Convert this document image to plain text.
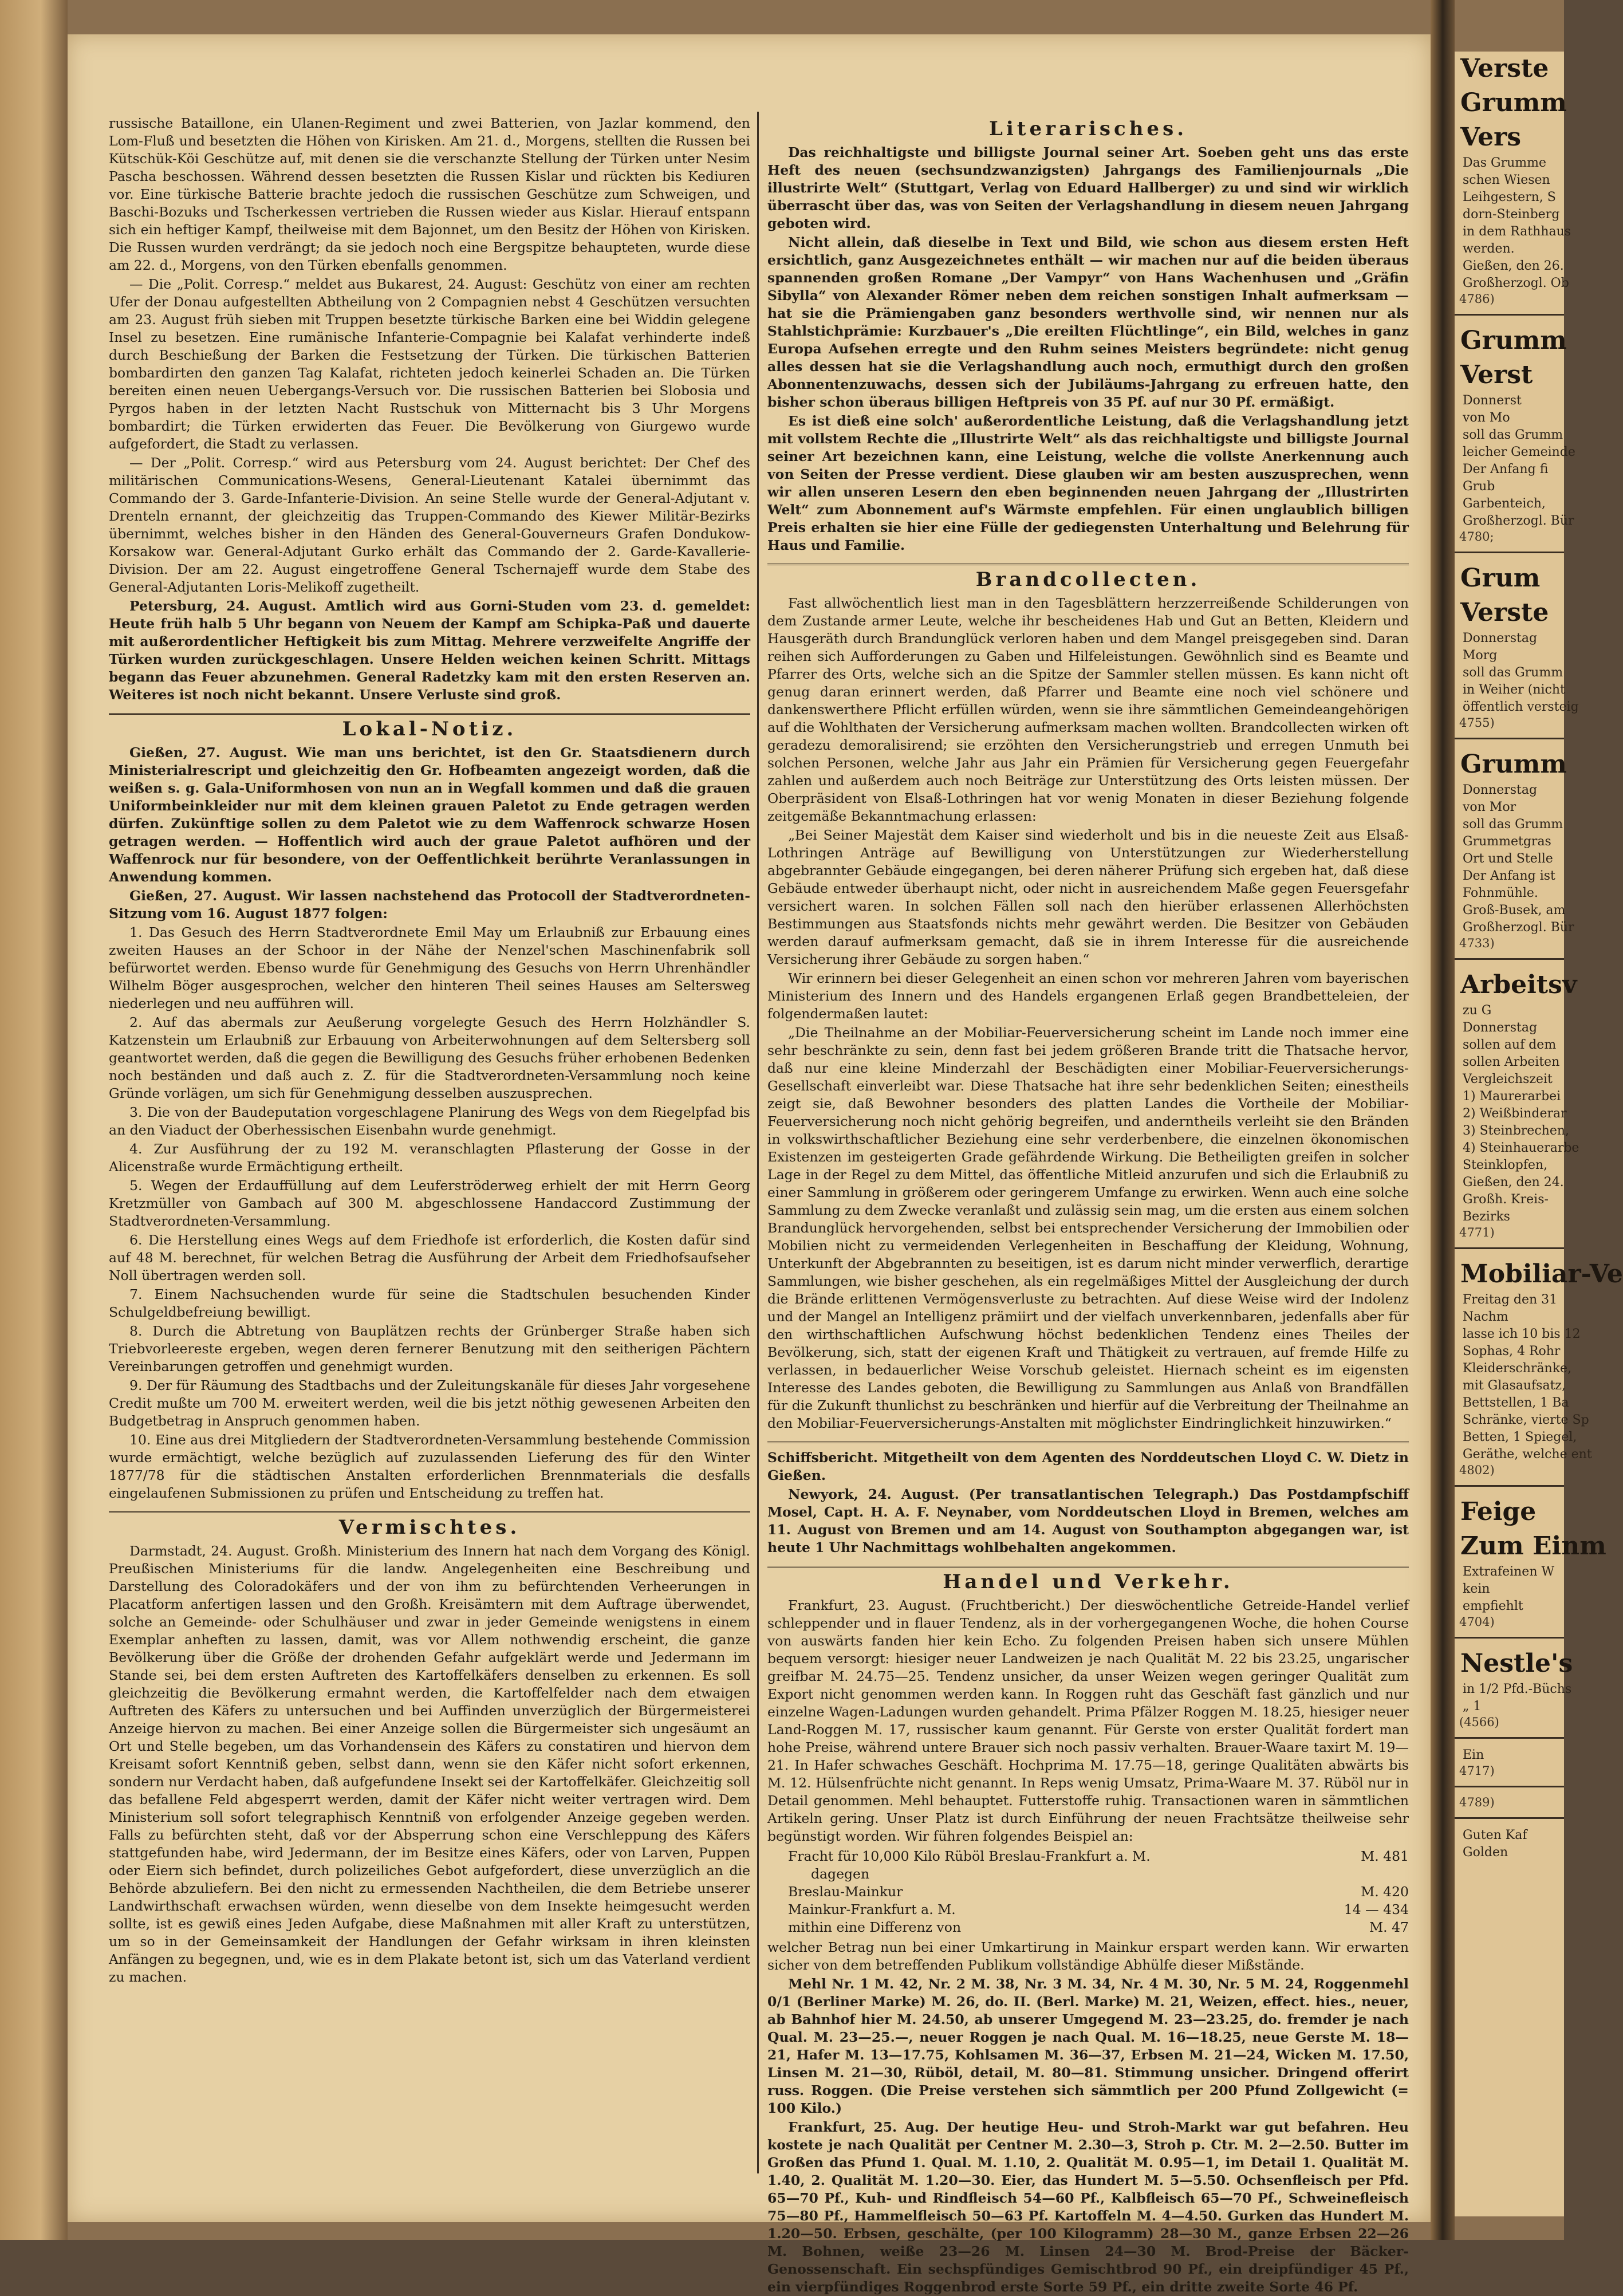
Verste
Grumm
Vers
Das Grumme
schen Wiesen
Leihgestern, S
dorn-Steinberg
in dem Rathhaus
werden.
Gießen, den 26.
Großherzogl. Ob
4786)
Grumm
Verst
Donnerst
von Mo
soll das Grumm
leicher Gemeinde
Der Anfang fi
Grub
Garbenteich,
Großherzogl. Bür
4780;
Grum
Verste
Donnerstag
Morg
soll das Grumm
in Weiher (nicht
öffentlich versteig
4755)
Grumm
Donnerstag
von Mor
soll das Grumm
Grummetgras
Ort und Stelle
Der Anfang ist
Fohnmühle.
Groß-Busek, am
Großherzogl. Bür
4733)
Arbeitsv
zu G
Donnerstag
sollen auf dem
sollen Arbeiten
Vergleichszeit
1) Maurerarbei
2) Weißbinderar
3) Steinbrechen,
4) Steinhauerarbe
Steinklopfen,
Gießen, den 24.
Großh. Kreis-
Bezirks
4771)
Mobiliar-Ve
Freitag den 31
Nachm
lasse ich 10 bis 12
Sophas, 4 Rohr
Kleiderschränke,
mit Glasaufsatz,
Bettstellen, 1 Ba
Schränke, vierte Sp
Betten, 1 Spiegel,
Geräthe, welche ent
4802)
Feige
Zum Einm
Extrafeinen W
kein
empfiehlt
4704)
Nestle's
in 1/2 Pfd.-Büchs
„ 1
(4566)
Ein
4717)
4789)
Guten Kaf
Golden

russische Bataillone, ein Ulanen-Regiment und zwei Batterien, von Jazlar kommend, den Lom-Fluß und besetzten die Höhen von Kirisken. Am 21. d., Morgens, stellten die Russen bei Kütschük-Köi Geschütze auf, mit denen sie die verschanzte Stellung der Türken unter Nesim Pascha beschossen. Während dessen besetzten die Russen Kislar und rückten bis Kediuren vor. Eine türkische Batterie brachte jedoch die russischen Geschütze zum Schweigen, und Baschi-Bozuks und Tscherkessen vertrieben die Russen wieder aus Kislar. Hierauf entspann sich ein heftiger Kampf, theilweise mit dem Bajonnet, um den Besitz der Höhen von Kirisken. Die Russen wurden verdrängt; da sie jedoch noch eine Bergspitze behaupteten, wurde diese am 22. d., Morgens, von den Türken ebenfalls genommen.

— Die „Polit. Corresp.“ meldet aus Bukarest, 24. August: Geschütz von einer am rechten Ufer der Donau aufgestellten Abtheilung von 2 Compagnien nebst 4 Geschützen versuchten am 23. August früh sieben mit Truppen besetzte türkische Barken eine bei Widdin gelegene Insel zu besetzen. Eine rumänische Infanterie-Compagnie bei Kalafat verhinderte indeß durch Beschießung der Barken die Festsetzung der Türken. Die türkischen Batterien bombardirten den ganzen Tag Kalafat, richteten jedoch keinerlei Schaden an. Die Türken bereiten einen neuen Uebergangs-Versuch vor. Die russischen Batterien bei Slobosia und Pyrgos haben in der letzten Nacht Rustschuk von Mitternacht bis 3 Uhr Morgens bombardirt; die Türken erwiderten das Feuer. Die Bevölkerung von Giurgewo wurde aufgefordert, die Stadt zu verlassen.

— Der „Polit. Corresp.“ wird aus Petersburg vom 24. August berichtet: Der Chef des militärischen Communications-Wesens, General-Lieutenant Katalei übernimmt das Commando der 3. Garde-Infanterie-Division. An seine Stelle wurde der General-Adjutant v. Drenteln ernannt, der gleichzeitig das Truppen-Commando des Kiewer Militär-Bezirks übernimmt, welches bisher in den Händen des General-Gouverneurs Grafen Dondukow-Korsakow war. General-Adjutant Gurko erhält das Commando der 2. Garde-Kavallerie-Division. Der am 22. August eingetroffene General Tschernajeff wurde dem Stabe des General-Adjutanten Loris-Melikoff zugetheilt.

Petersburg, 24. August. Amtlich wird aus Gorni-Studen vom 23. d. gemeldet: Heute früh halb 5 Uhr begann von Neuem der Kampf am Schipka-Paß und dauerte mit außerordentlicher Heftigkeit bis zum Mittag. Mehrere verzweifelte Angriffe der Türken wurden zurückgeschlagen. Unsere Helden weichen keinen Schritt. Mittags begann das Feuer abzunehmen. General Radetzky kam mit den ersten Reserven an. Weiteres ist noch nicht bekannt. Unsere Verluste sind groß.

Lokal-Notiz.

Gießen, 27. August. Wie man uns berichtet, ist den Gr. Staatsdienern durch Ministerialrescript und gleichzeitig den Gr. Hofbeamten angezeigt worden, daß die weißen s. g. Gala-Uniformhosen von nun an in Wegfall kommen und daß die grauen Uniformbeinkleider nur mit dem kleinen grauen Paletot zu Ende getragen werden dürfen. Zukünftige sollen zu dem Paletot wie zu dem Waffenrock schwarze Hosen getragen werden. — Hoffentlich wird auch der graue Paletot aufhören und der Waffenrock nur für besondere, von der Oeffentlichkeit berührte Veranlassungen in Anwendung kommen.

Gießen, 27. August. Wir lassen nachstehend das Protocoll der Stadtverordneten-Sitzung vom 16. August 1877 folgen:

1. Das Gesuch des Herrn Stadtverordnete Emil May um Erlaubniß zur Erbauung eines zweiten Hauses an der Schoor in der Nähe der Nenzel'schen Maschinenfabrik soll befürwortet werden. Ebenso wurde für Genehmigung des Gesuchs von Herrn Uhrenhändler Wilhelm Böger ausgesprochen, welcher den hinteren Theil seines Hauses am Seltersweg niederlegen und neu aufführen will.

2. Auf das abermals zur Aeußerung vorgelegte Gesuch des Herrn Holzhändler S. Katzenstein um Erlaubniß zur Erbauung von Arbeiterwohnungen auf dem Seltersberg soll geantwortet werden, daß die gegen die Bewilligung des Gesuchs früher erhobenen Bedenken noch beständen und daß auch z. Z. für die Stadtverordneten-Versammlung noch keine Gründe vorlägen, um sich für Genehmigung desselben auszusprechen.

3. Die von der Baudeputation vorgeschlagene Planirung des Wegs von dem Riegelpfad bis an den Viaduct der Oberhessischen Eisenbahn wurde genehmigt.

4. Zur Ausführung der zu 192 M. veranschlagten Pflasterung der Gosse in der Alicenstraße wurde Ermächtigung ertheilt.

5. Wegen der Erdauffüllung auf dem Leuferströderweg erhielt der mit Herrn Georg Kretzmüller von Gambach auf 300 M. abgeschlossene Handaccord Zustimmung der Stadtverordneten-Versammlung.

6. Die Herstellung eines Wegs auf dem Friedhofe ist erforderlich, die Kosten dafür sind auf 48 M. berechnet, für welchen Betrag die Ausführung der Arbeit dem Friedhofsaufseher Noll übertragen werden soll.

7. Einem Nachsuchenden wurde für seine die Stadtschulen besuchenden Kinder Schulgeldbefreiung bewilligt.

8. Durch die Abtretung von Bauplätzen rechts der Grünberger Straße haben sich Triebvorleereste ergeben, wegen deren fernerer Benutzung mit den seitherigen Pächtern Vereinbarungen getroffen und genehmigt wurden.

9. Der für Räumung des Stadtbachs und der Zuleitungskanäle für dieses Jahr vorgesehene Credit mußte um 700 M. erweitert werden, weil die bis jetzt nöthig gewesenen Arbeiten den Budgetbetrag in Anspruch genommen haben.

10. Eine aus drei Mitgliedern der Stadtverordneten-Versammlung bestehende Commission wurde ermächtigt, welche bezüglich auf zuzulassenden Lieferung des für den Winter 1877/78 für die städtischen Anstalten erforderlichen Brennmaterials die desfalls eingelaufenen Submissionen zu prüfen und Entscheidung zu treffen hat.

Vermischtes.

Darmstadt, 24. August. Großh. Ministerium des Innern hat nach dem Vorgang des Königl. Preußischen Ministeriums für die landw. Angelegenheiten eine Beschreibung und Darstellung des Coloradokäfers und der von ihm zu befürchtenden Verheerungen in Placatform anfertigen lassen und den Großh. Kreisämtern mit dem Auftrage überwendet, solche an Gemeinde- oder Schulhäuser und zwar in jeder Gemeinde wenigstens in einem Exemplar anheften zu lassen, damit, was vor Allem nothwendig erscheint, die ganze Bevölkerung über die Größe der drohenden Gefahr aufgeklärt werde und Jedermann im Stande sei, bei dem ersten Auftreten des Kartoffelkäfers denselben zu erkennen. Es soll gleichzeitig die Bevölkerung ermahnt werden, die Kartoffelfelder nach dem etwaigen Auftreten des Käfers zu untersuchen und bei Auffinden unverzüglich der Bürgermeisterei Anzeige hiervon zu machen. Bei einer Anzeige sollen die Bürgermeister sich ungesäumt an Ort und Stelle begeben, um das Vorhandensein des Käfers zu constatiren und hiervon dem Kreisamt sofort Kenntniß geben, selbst dann, wenn sie den Käfer nicht sofort erkennen, sondern nur Verdacht haben, daß aufgefundene Insekt sei der Kartoffelkäfer. Gleichzeitig soll das befallene Feld abgesperrt werden, damit der Käfer nicht weiter vertragen wird. Dem Ministerium soll sofort telegraphisch Kenntniß von erfolgender Anzeige gegeben werden. Falls zu befürchten steht, daß vor der Absperrung schon eine Verschleppung des Käfers stattgefunden habe, wird Jedermann, der im Besitze eines Käfers, oder von Larven, Puppen oder Eiern sich befindet, durch polizeiliches Gebot aufgefordert, diese unverzüglich an die Behörde abzuliefern. Bei den nicht zu ermessenden Nachtheilen, die dem Betriebe unserer Landwirthschaft erwachsen würden, wenn dieselbe von dem Insekte heimgesucht werden sollte, ist es gewiß eines Jeden Aufgabe, diese Maßnahmen mit aller Kraft zu unterstützen, um so in der Gemeinsamkeit der Handlungen der Gefahr wirksam in ihren kleinsten Anfängen zu begegnen, und, wie es in dem Plakate betont ist, sich um das Vaterland verdient zu machen.

Literarisches.

Das reichhaltigste und billigste Journal seiner Art. Soeben geht uns das erste Heft des neuen (sechsundzwanzigsten) Jahrgangs des Familienjournals „Die illustrirte Welt“ (Stuttgart, Verlag von Eduard Hallberger) zu und sind wir wirklich überrascht über das, was von Seiten der Verlagshandlung in diesem neuen Jahrgang geboten wird.

Nicht allein, daß dieselbe in Text und Bild, wie schon aus diesem ersten Heft ersichtlich, ganz Ausgezeichnetes enthält — wir machen nur auf die beiden überaus spannenden großen Romane „Der Vampyr“ von Hans Wachenhusen und „Gräfin Sibylla“ von Alexander Römer neben dem reichen sonstigen Inhalt aufmerksam — hat sie die Prämiengaben ganz besonders werthvolle sind, wir nennen nur als Stahlstichprämie: Kurzbauer's „Die ereilten Flüchtlinge“, ein Bild, welches in ganz Europa Aufsehen erregte und den Ruhm seines Meisters begründete: nicht genug alles dessen hat sie die Verlagshandlung auch noch, ermuthigt durch den großen Abonnentenzuwachs, dessen sich der Jubiläums-Jahrgang zu erfreuen hatte, den bisher schon überaus billigen Heftpreis von 35 Pf. auf nur 30 Pf. ermäßigt.

Es ist dieß eine solch' außerordentliche Leistung, daß die Verlagshandlung jetzt mit vollstem Rechte die „Illustrirte Welt“ als das reichhaltigste und billigste Journal seiner Art bezeichnen kann, eine Leistung, welche die vollste Anerkennung auch von Seiten der Presse verdient. Diese glauben wir am besten auszusprechen, wenn wir allen unseren Lesern den eben beginnenden neuen Jahrgang der „Illustrirten Welt“ zum Abonnement auf's Wärmste empfehlen. Für einen unglaublich billigen Preis erhalten sie hier eine Fülle der gediegensten Unterhaltung und Belehrung für Haus und Familie.

Brandcollecten.

Fast allwöchentlich liest man in den Tagesblättern herzzerreißende Schilderungen von dem Zustande armer Leute, welche ihr bescheidenes Hab und Gut an Betten, Kleidern und Hausgeräth durch Brandunglück verloren haben und dem Mangel preisgegeben sind. Daran reihen sich Aufforderungen zu Gaben und Hilfeleistungen. Gewöhnlich sind es Beamte und Pfarrer des Orts, welche sich an die Spitze der Sammler stellen müssen. Es kann nicht oft genug daran erinnert werden, daß Pfarrer und Beamte eine noch viel schönere und dankenswerthere Pflicht erfüllen würden, wenn sie ihre sämmtlichen Gemeindeangehörigen auf die Wohlthaten der Versicherung aufmerksam machen wollten. Brandcollecten wirken oft geradezu demoralisirend; sie erzöhten den Versicherungstrieb und erregen Unmuth bei solchen Personen, welche Jahr aus Jahr ein Prämien für Versicherung gegen Feuergefahr zahlen und außerdem auch noch Beiträge zur Unterstützung des Orts leisten müssen. Der Oberpräsident von Elsaß-Lothringen hat vor wenig Monaten in dieser Beziehung folgende zeitgemäße Bekanntmachung erlassen:

„Bei Seiner Majestät dem Kaiser sind wiederholt und bis in die neueste Zeit aus Elsaß-Lothringen Anträge auf Bewilligung von Unterstützungen zur Wiederherstellung abgebrannter Gebäude eingegangen, bei deren näherer Prüfung sich ergeben hat, daß diese Gebäude entweder überhaupt nicht, oder nicht in ausreichendem Maße gegen Feuersgefahr versichert waren. In solchen Fällen soll nach den hierüber erlassenen Allerhöchsten Bestimmungen aus Staatsfonds nichts mehr gewährt werden. Die Besitzer von Gebäuden werden darauf aufmerksam gemacht, daß sie in ihrem Interesse für die ausreichende Versicherung ihrer Gebäude zu sorgen haben.“

Wir erinnern bei dieser Gelegenheit an einen schon vor mehreren Jahren vom bayerischen Ministerium des Innern und des Handels ergangenen Erlaß gegen Brandbetteleien, der folgendermaßen lautet:

„Die Theilnahme an der Mobiliar-Feuerversicherung scheint im Lande noch immer eine sehr beschränkte zu sein, denn fast bei jedem größeren Brande tritt die Thatsache hervor, daß nur eine kleine Minderzahl der Beschädigten einer Mobiliar-Feuerversicherungs-Gesellschaft einverleibt war. Diese Thatsache hat ihre sehr bedenklichen Seiten; einestheils zeigt sie, daß Bewohner besonders des platten Landes die Vortheile der Mobiliar-Feuerversicherung noch nicht gehörig begreifen, und anderntheils verleiht sie den Bränden in volkswirthschaftlicher Beziehung eine sehr verderbenbere, die einzelnen ökonomischen Existenzen im gesteigerten Grade gefährdende Wirkung. Die Betheiligten greifen in solcher Lage in der Regel zu dem Mittel, das öffentliche Mitleid anzurufen und sich die Erlaubniß zu einer Sammlung in größerem oder geringerem Umfange zu erwirken. Wenn auch eine solche Sammlung zu dem Zwecke veranlaßt und zulässig sein mag, um die ersten aus einem solchen Brandunglück hervorgehenden, selbst bei entsprechender Versicherung der Immobilien oder Mobilien nicht zu vermeidenden Verlegenheiten in Beschaffung der Kleidung, Wohnung, Unterkunft der Abgebrannten zu beseitigen, ist es darum nicht minder verwerflich, derartige Sammlungen, wie bisher geschehen, als ein regelmäßiges Mittel der Ausgleichung der durch die Brände erlittenen Vermögensverluste zu betrachten. Auf diese Weise wird der Indolenz und der Mangel an Intelligenz prämiirt und der vielfach unverkennbaren, jedenfalls aber für den wirthschaftlichen Aufschwung höchst bedenklichen Tendenz eines Theiles der Bevölkerung, sich, statt der eigenen Kraft und Thätigkeit zu vertrauen, auf fremde Hilfe zu verlassen, in bedauerlicher Weise Vorschub geleistet. Hiernach scheint es im eigensten Interesse des Landes geboten, die Bewilligung zu Sammlungen aus Anlaß von Brandfällen für die Zukunft thunlichst zu beschränken und hierfür auf die Verbreitung der Theilnahme an den Mobiliar-Feuerversicherungs-Anstalten mit möglichster Eindringlichkeit hinzuwirken.“

Schiffsbericht. Mitgetheilt von dem Agenten des Norddeutschen Lloyd C. W. Dietz in Gießen.

Newyork, 24. August. (Per transatlantischen Telegraph.) Das Postdampfschiff Mosel, Capt. H. A. F. Neynaber, vom Norddeutschen Lloyd in Bremen, welches am 11. August von Bremen und am 14. August von Southampton abgegangen war, ist heute 1 Uhr Nachmittags wohlbehalten angekommen.

Handel und Verkehr.

Frankfurt, 23. August. (Fruchtbericht.) Der dieswöchentliche Getreide-Handel verlief schleppender und in flauer Tendenz, als in der vorhergegangenen Woche, die hohen Course von auswärts fanden hier kein Echo. Zu folgenden Preisen haben sich unsere Mühlen bequem versorgt: hiesiger neuer Landweizen je nach Qualität M. 22 bis 23.25, ungarischer greifbar M. 24.75—25. Tendenz unsicher, da unser Weizen wegen geringer Qualität zum Export nicht genommen werden kann. In Roggen ruht das Geschäft fast gänzlich und nur einzelne Wagen-Ladungen wurden gehandelt. Prima Pfälzer Roggen M. 18.25, hiesiger neuer Land-Roggen M. 17, russischer kaum genannt. Für Gerste von erster Qualität fordert man hohe Preise, während untere Brauer sich noch passiv verhalten. Brauer-Waare taxirt M. 19—21. In Hafer schwaches Geschäft. Hochprima M. 17.75—18, geringe Qualitäten abwärts bis M. 12. Hülsenfrüchte nicht genannt. In Reps wenig Umsatz, Prima-Waare M. 37. Rüböl nur in Detail genommen. Mehl behauptet. Futterstoffe ruhig. Transactionen waren in sämmtlichen Artikeln gering. Unser Platz ist durch Einführung der neuen Frachtsätze theilweise sehr begünstigt worden. Wir führen folgendes Beispiel an:

Fracht für 10,000 Kilo Rüböl Breslau-Frankfurt a. M.	M. 481
dagegen
Breslau-Mainkur	M. 420
Mainkur-Frankfurt a. M.	14 — 434
mithin eine Differenz von	M. 47

welcher Betrag nun bei einer Umkartirung in Mainkur erspart werden kann. Wir erwarten sicher von dem betreffenden Publikum vollständige Abhülfe dieser Mißstände.

Mehl Nr. 1 M. 42, Nr. 2 M. 38, Nr. 3 M. 34, Nr. 4 M. 30, Nr. 5 M. 24, Roggenmehl 0/1 (Berliner Marke) M. 26, do. II. (Berl. Marke) M. 21, Weizen, effect. hies., neuer, ab Bahnhof hier M. 24.50, ab unserer Umgegend M. 23—23.25, do. fremder je nach Qual. M. 23—25.—, neuer Roggen je nach Qual. M. 16—18.25, neue Gerste M. 18—21, Hafer M. 13—17.75, Kohlsamen M. 36—37, Erbsen M. 21—24, Wicken M. 17.50, Linsen M. 21—30, Rüböl, detail, M. 80—81. Stimmung unsicher. Dringend offerirt russ. Roggen. (Die Preise verstehen sich sämmtlich per 200 Pfund Zollgewicht (= 100 Kilo.)

Frankfurt, 25. Aug. Der heutige Heu- und Stroh-Markt war gut befahren. Heu kostete je nach Qualität per Centner M. 2.30—3, Stroh p. Ctr. M. 2—2.50. Butter im Großen das Pfund 1. Qual. M. 1.10, 2. Qualität M. 0.95—1, im Detail 1. Qualität M. 1.40, 2. Qualität M. 1.20—30. Eier, das Hundert M. 5—5.50. Ochsenfleisch per Pfd. 65—70 Pf., Kuh- und Rindfleisch 54—60 Pf., Kalbfleisch 65—70 Pf., Schweinefleisch 75—80 Pf., Hammelfleisch 50—63 Pf. Kartoffeln M. 4—4.50. Gurken das Hundert M. 1.20—50. Erbsen, geschälte, (per 100 Kilogramm) 28—30 M., ganze Erbsen 22—26 M. Bohnen, weiße 23—26 M. Linsen 24—30 M. Brod-Preise der Bäcker-Genossenschaft. Ein sechspfündiges Gemischtbrod 90 Pf., ein dreipfündiger 45 Pf., ein vierpfündiges Roggenbrod erste Sorte 59 Pf., ein dritte zweite Sorte 46 Pf.
